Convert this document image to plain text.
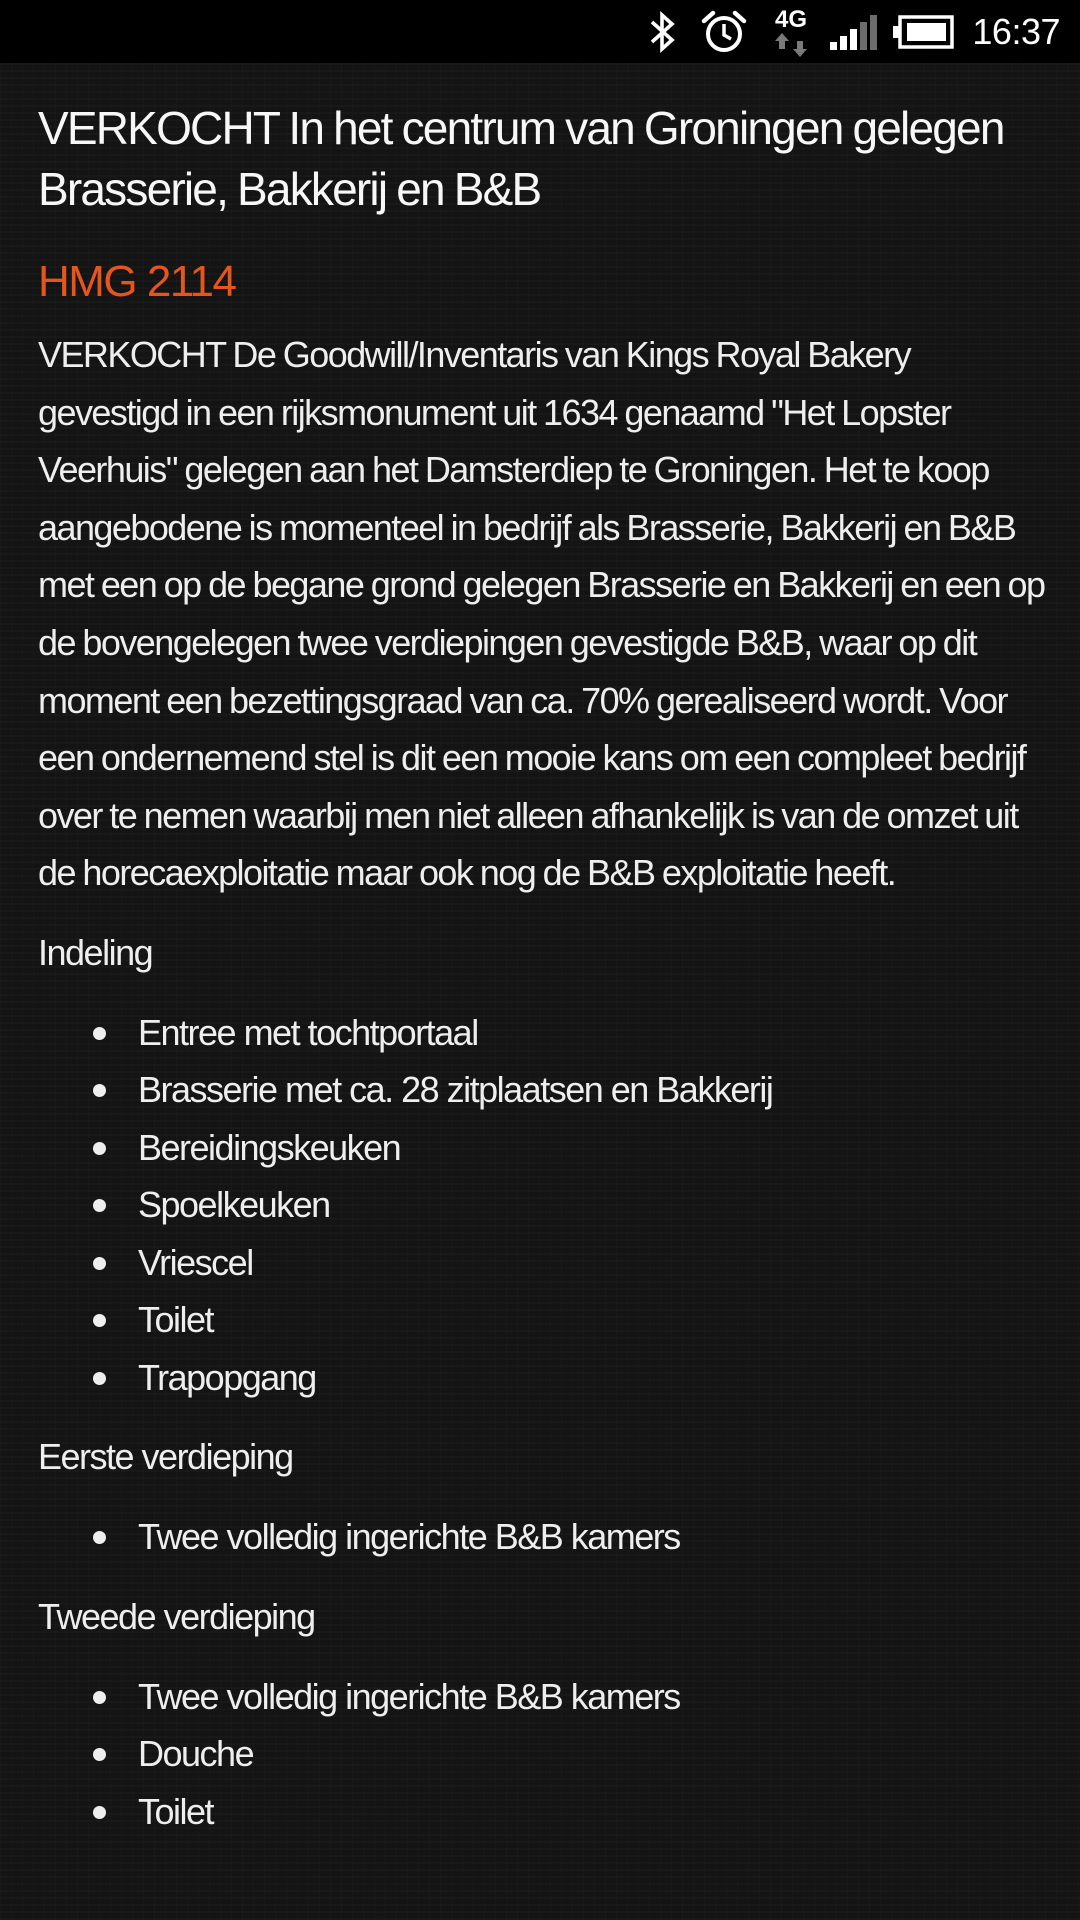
4G	16:37
VERKOCHT In het centrum van Groningen gelegen Brasserie, Bakkerij en B&B
HMG 2114

VERKOCHT De Goodwill/Inventaris van Kings Royal Bakery gevestigd in een rijksmonument uit 1634 genaamd "Het Lopster Veerhuis" gelegen aan het Damsterdiep te Groningen. Het te koop aangebodene is momenteel in bedrijf als Brasserie, Bakkerij en B&B met een op de begane grond gelegen Brasserie en Bakkerij en een op de bovengelegen twee verdiepingen gevestigde B&B, waar op dit moment een bezettingsgraad van ca. 70% gerealiseerd wordt. Voor een ondernemend stel is dit een mooie kans om een compleet bedrijf over te nemen waarbij men niet alleen afhankelijk is van de omzet uit de horecaexploitatie maar ook nog de B&B exploitatie heeft.

Indeling
Entree met tochtportaal
Brasserie met ca. 28 zitplaatsen en Bakkerij
Bereidingskeuken
Spoelkeuken
Vriescel
Toilet
Trapopgang
Eerste verdieping
Twee volledig ingerichte B&B kamers
Tweede verdieping
Twee volledig ingerichte B&B kamers
Douche
Toilet
